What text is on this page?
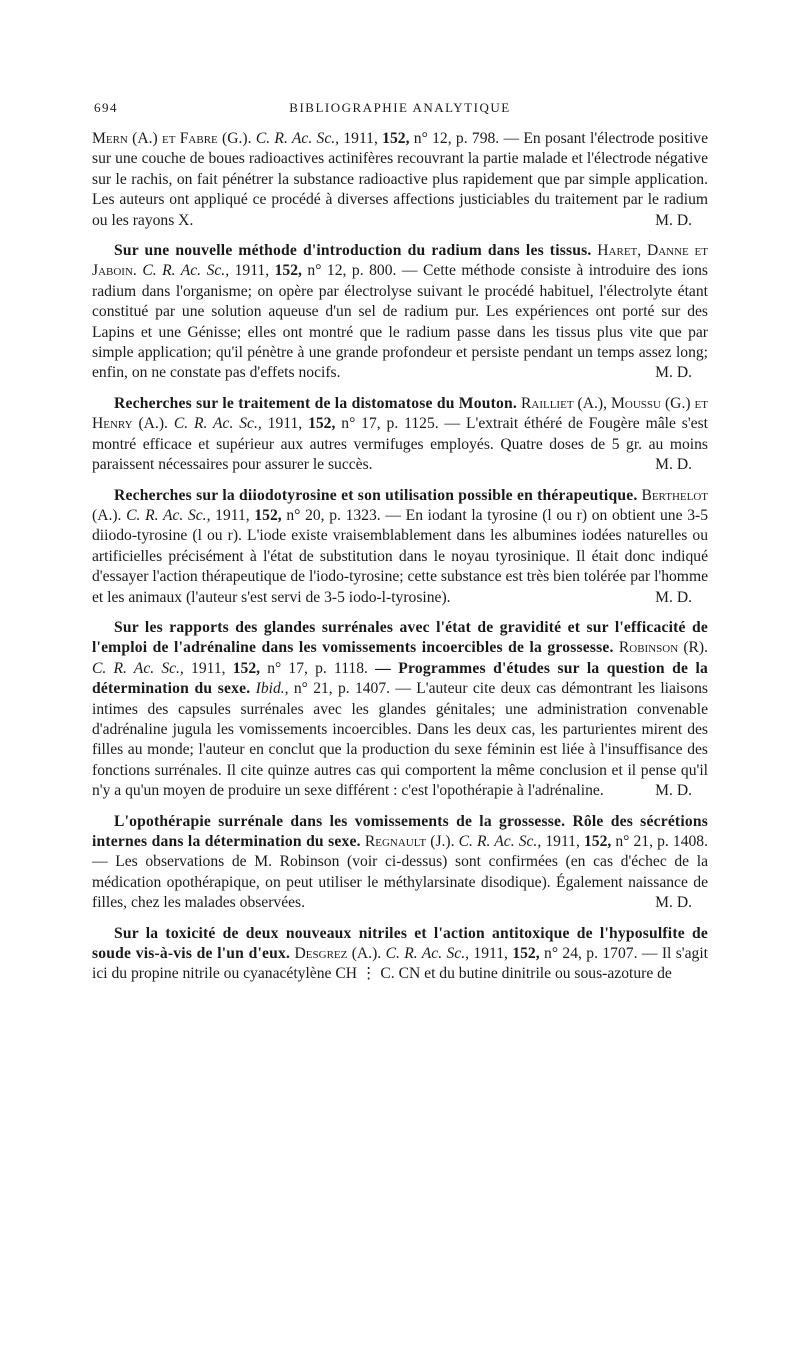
694	BIBLIOGRAPHIE ANALYTIQUE
Mern (A.) et Fabre (G.). C. R. Ac. Sc., 1911, 152, n° 12, p. 798. — En posant l'électrode positive sur une couche de boues radioactives actinifères recouvrant la partie malade et l'électrode négative sur le rachis, on fait pénétrer la substance radioactive plus rapidement que par simple application. Les auteurs ont appliqué ce procédé à diverses affections justiciables du traitement par le radium ou les rayons X.	M. D.
Sur une nouvelle méthode d'introduction du radium dans les tissus. Haret, Danne et Jaboin. C. R. Ac. Sc., 1911, 152, n° 12, p. 800. — Cette méthode consiste à introduire des ions radium dans l'organisme; on opère par électrolyse suivant le procédé habituel, l'électrolyte étant constitué par une solution aqueuse d'un sel de radium pur. Les expériences ont porté sur des Lapins et une Génisse; elles ont montré que le radium passe dans les tissus plus vite que par simple application; qu'il pénètre à une grande profondeur et persiste pendant un temps assez long; enfin, on ne constate pas d'effets nocifs.	M. D.
Recherches sur le traitement de la distomatose du Mouton. Railliet (A.), Moussu (G.) et Henry (A.). C. R. Ac. Sc., 1911, 152, n° 17, p. 1125. — L'extrait éthéré de Fougère mâle s'est montré efficace et supérieur aux autres vermifuges employés. Quatre doses de 5 gr. au moins paraissent nécessaires pour assurer le succès.	M. D.
Recherches sur la diiodotyrosine et son utilisation possible en thérapeutique. Berthelot (A.). C. R. Ac. Sc., 1911, 152, n° 20, p. 1323. — En iodant la tyrosine (l ou r) on obtient une 3-5 diiodo-tyrosine (l ou r). L'iode existe vraisemblablement dans les albumines iodées naturelles ou artificielles précisément à l'état de substitution dans le noyau tyrosinique. Il était donc indiqué d'essayer l'action thérapeutique de l'iodo-tyrosine; cette substance est très bien tolérée par l'homme et les animaux (l'auteur s'est servi de 3-5 iodo-l-tyrosine).	M. D.
Sur les rapports des glandes surrénales avec l'état de gravidité et sur l'efficacité de l'emploi de l'adrénaline dans les vomissements incoercibles de la grossesse. Robinson (R). C. R. Ac. Sc., 1911, 152, n° 17, p. 1118. — Programmes d'études sur la question de la détermination du sexe. Ibid., n° 21, p. 1407. — L'auteur cite deux cas démontrant les liaisons intimes des capsules surrénales avec les glandes génitales; une administration convenable d'adrénaline jugula les vomissements incoercibles. Dans les deux cas, les parturientes mirent des filles au monde; l'auteur en conclut que la production du sexe féminin est liée à l'insuffisance des fonctions surrénales. Il cite quinze autres cas qui comportent la même conclusion et il pense qu'il n'y a qu'un moyen de produire un sexe différent : c'est l'opothérapie à l'adrénaline.	M. D.
L'opothérapie surrénale dans les vomissements de la grossesse. Rôle des sécrétions internes dans la détermination du sexe. Regnault (J.). C. R. Ac. Sc., 1911, 152, n° 21, p. 1408. — Les observations de M. Robinson (voir ci-dessus) sont confirmées (en cas d'échec de la médication opothérapique, on peut utiliser le méthylarsinate disodique). Également naissance de filles, chez les malades observées.	M. D.
Sur la toxicité de deux nouveaux nitriles et l'action antitoxique de l'hyposulfite de soude vis-à-vis de l'un d'eux. Desgrez (A.). C. R. Ac. Sc., 1911, 152, n° 24, p. 1707. — Il s'agit ici du propine nitrile ou cyanacétylène CH ⋮ C. CN et du butine dinitrile ou sous-azoture de
